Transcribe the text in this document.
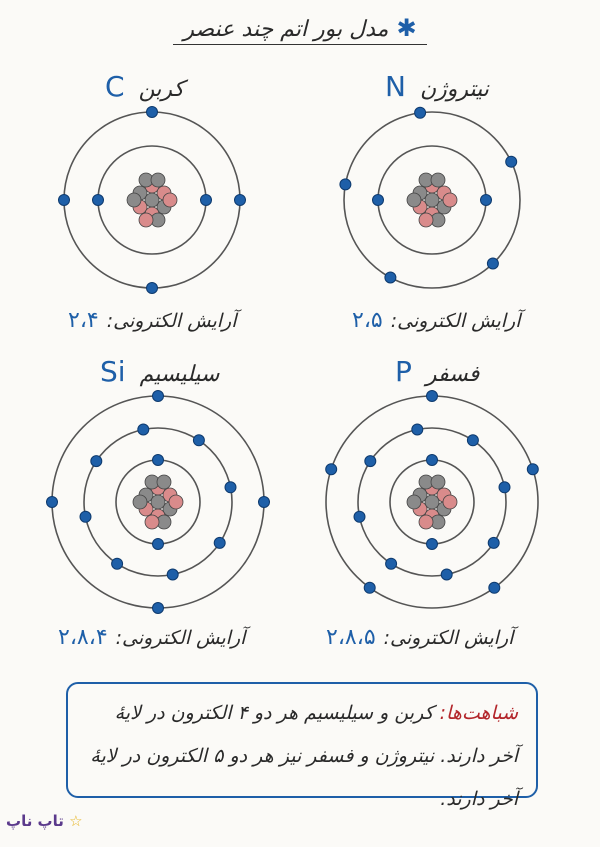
✱مدل بور اتم چند عنصر
کربنC
آرایش الکترونی:۲،۴
نیتروژنN
آرایش الکترونی:۲،۵
سیلیسیمSi
آرایش الکترونی:۲،۸،۴
فسفرP
آرایش الکترونی:۲،۸،۵
شباهت‌ها: کربن و سیلیسیم هر دو ۴ الکترون در لایهٔ آخر دارند. نیتروژن و فسفر نیز هر دو ۵ الکترون در لایهٔ آخر دارند.
☆ تاپ ناپ
